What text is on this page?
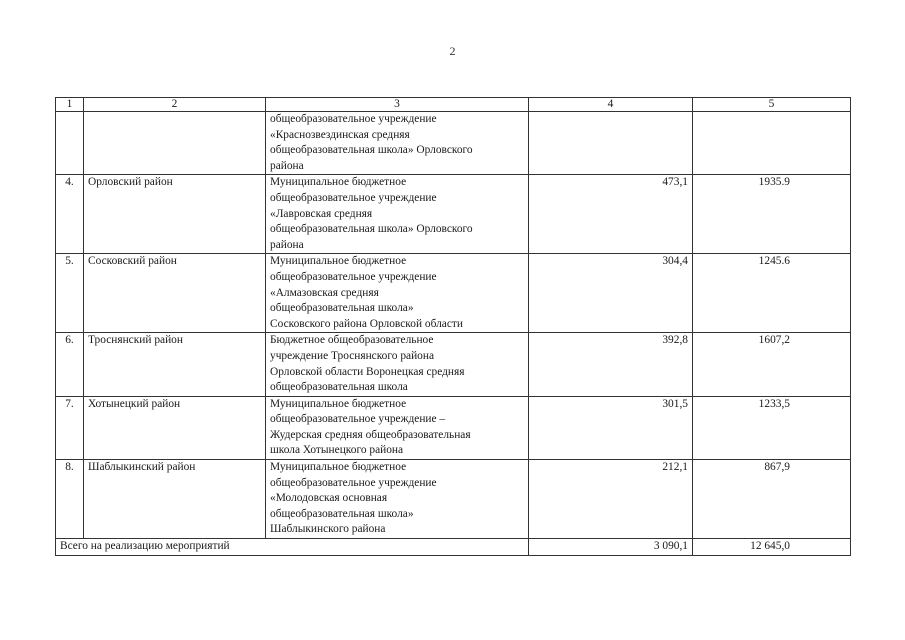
2
1	2	3	4	5
		общеобразовательное учреждение
«Краснозвездинская средняя
общеобразовательная школа» Орловского
района		
4.	Орловский район	Муниципальное бюджетное
общеобразовательное учреждение
«Лавровская средняя
общеобразовательная школа» Орловского
района	473,1	1935.9
5.	Сосковский район	Муниципальное бюджетное
общеобразовательное учреждение
«Алмазовская средняя
общеобразовательная школа»
Сосковского района Орловской области	304,4	1245.6
6.	Троснянский район	Бюджетное общеобразовательное
учреждение Троснянского района
Орловской области Воронецкая средняя
общеобразовательная школа	392,8	1607,2
7.	Хотынецкий район	Муниципальное бюджетное
общеобразовательное учреждение –
Жудерская средняя общеобразовательная
школа Хотынецкого района	301,5	1233,5
8.	Шаблыкинский район	Муниципальное бюджетное
общеобразовательное учреждение
«Молодовская основная
общеобразовательная школа»
Шаблыкинского района	212,1	867,9
Всего на реализацию мероприятий			3 090,1	12 645,0
